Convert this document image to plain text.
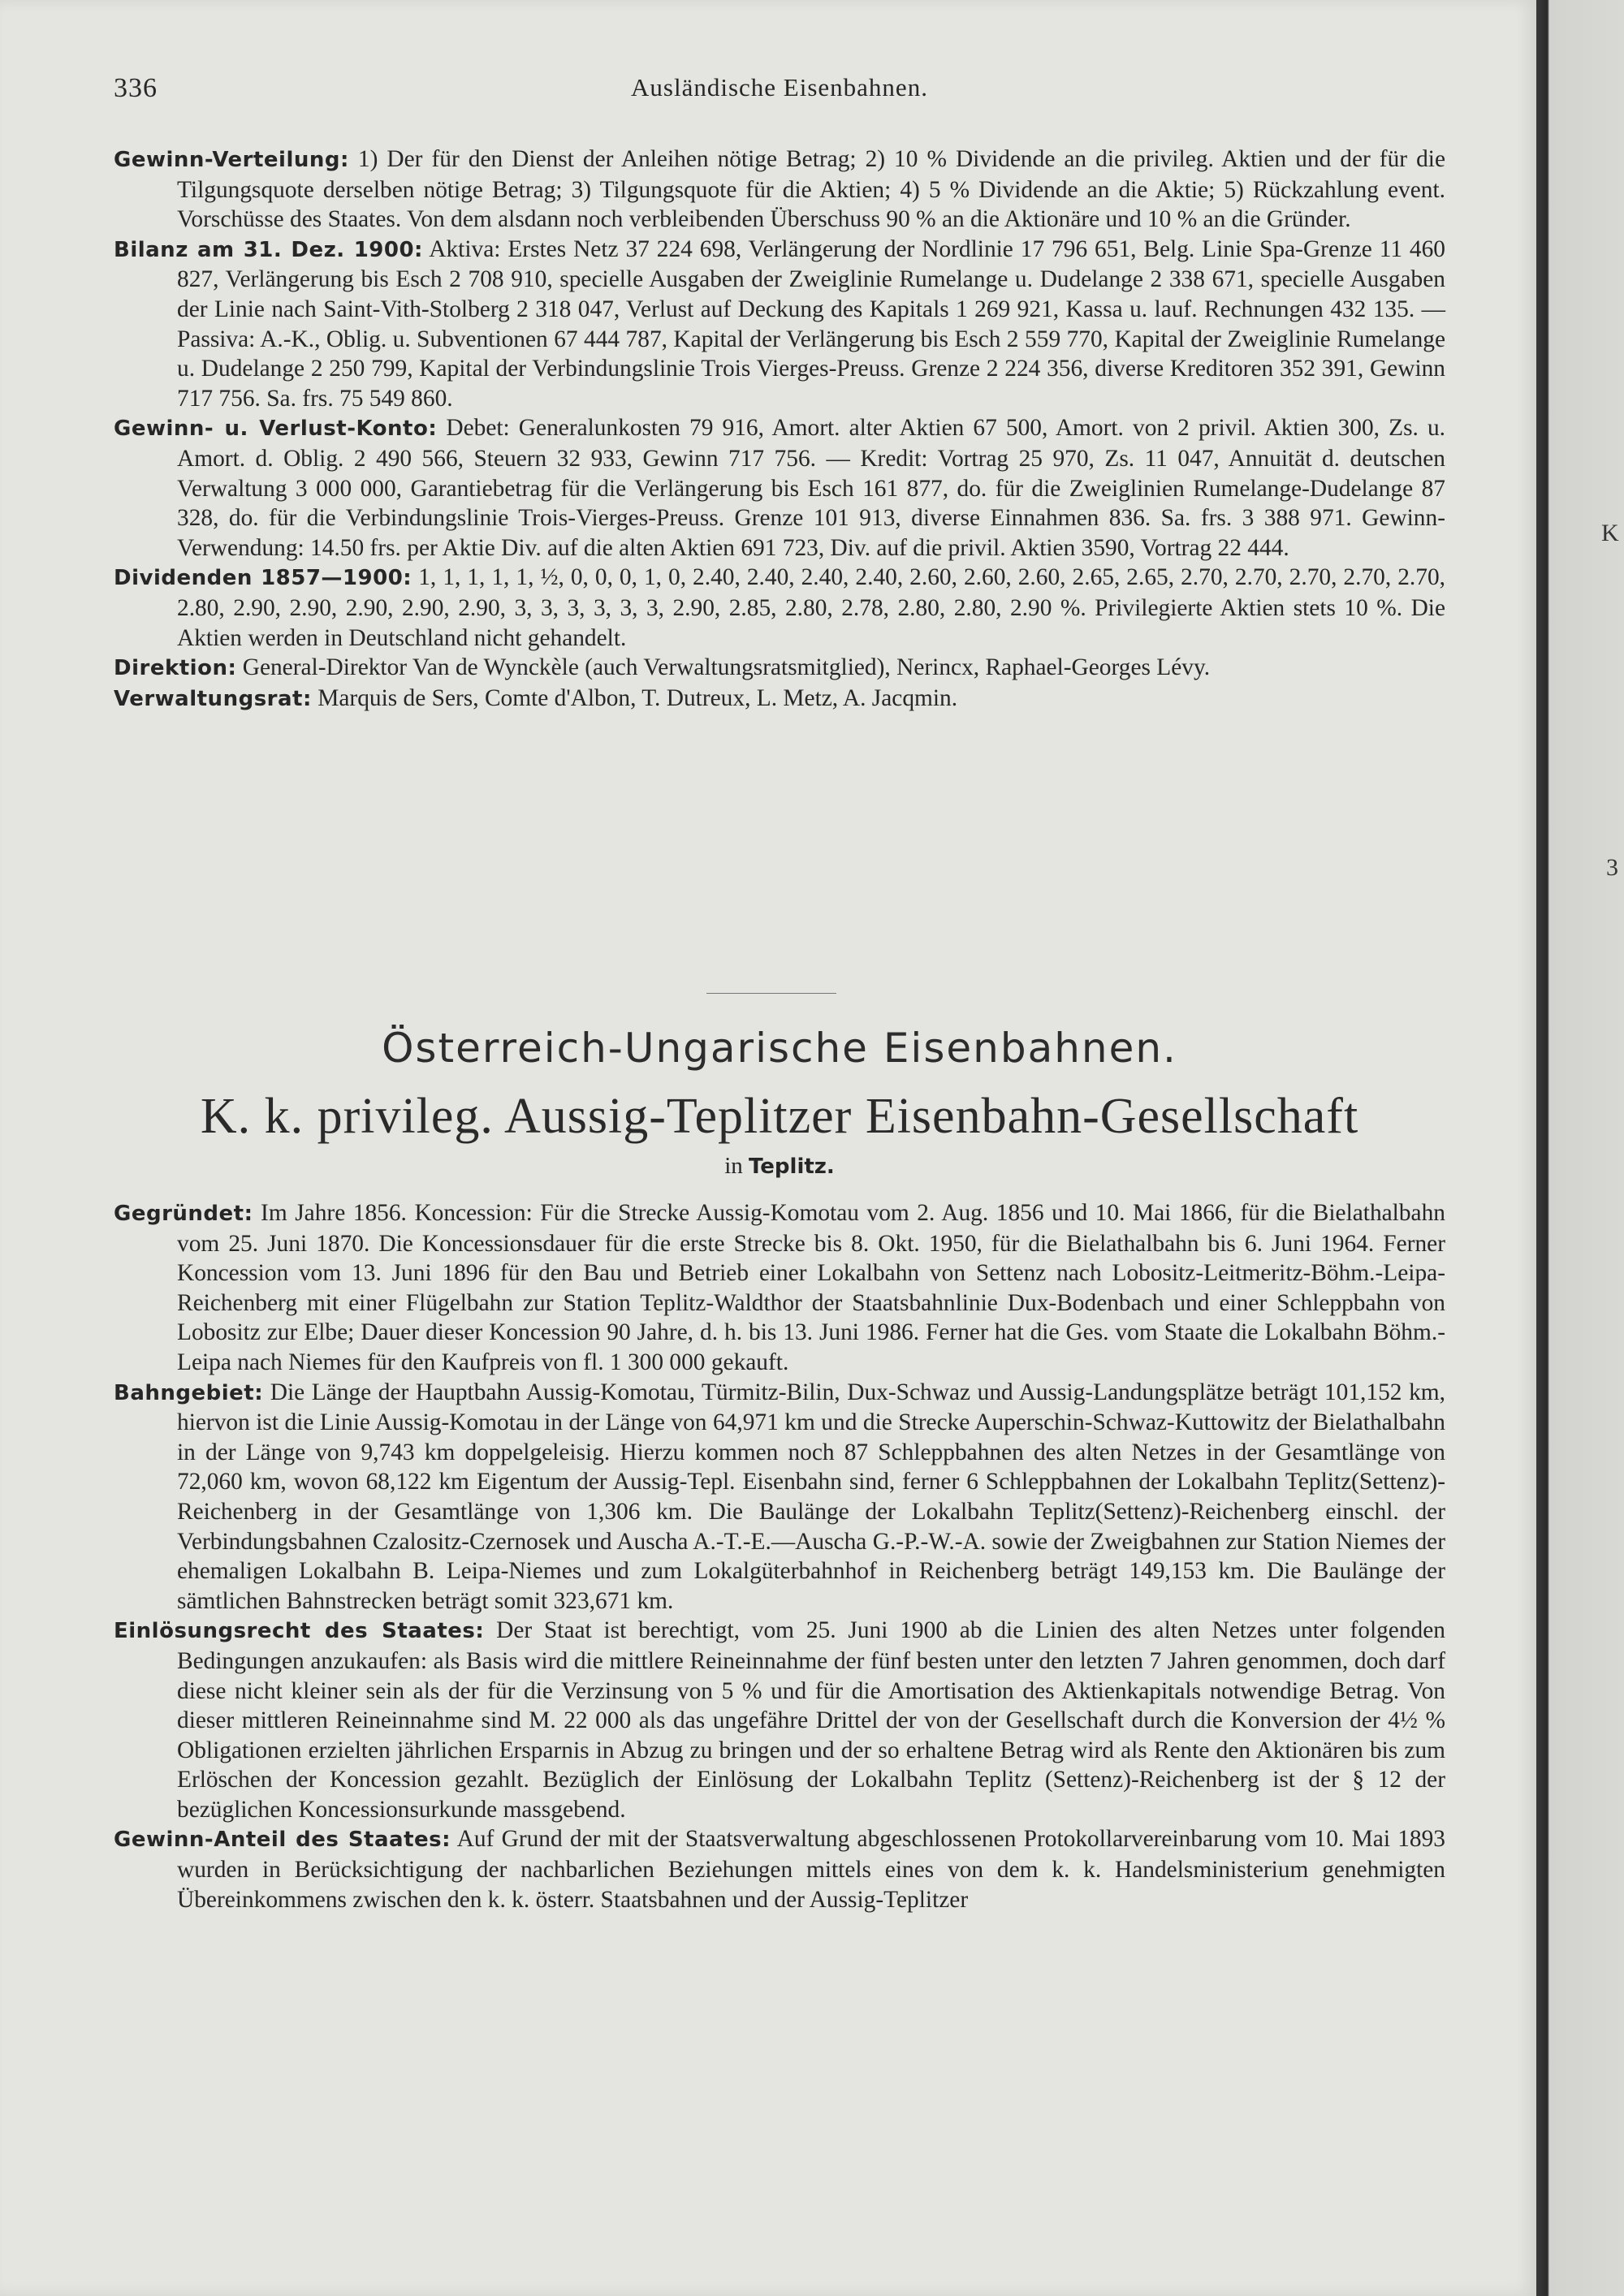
K
3
336	Ausländische Eisenbahnen.

Gewinn-Verteilung: 1) Der für den Dienst der Anleihen nötige Betrag; 2) 10 % Dividende an die privileg. Aktien und der für die Tilgungsquote derselben nötige Betrag; 3) Tilgungsquote für die Aktien; 4) 5 % Dividende an die Aktie; 5) Rückzahlung event. Vorschüsse des Staates. Von dem alsdann noch verbleibenden Überschuss 90 % an die Aktionäre und 10 % an die Gründer.

Bilanz am 31. Dez. 1900: Aktiva: Erstes Netz 37 224 698, Verlängerung der Nordlinie 17 796 651, Belg. Linie Spa-Grenze 11 460 827, Verlängerung bis Esch 2 708 910, specielle Ausgaben der Zweiglinie Rumelange u. Dudelange 2 338 671, specielle Ausgaben der Linie nach Saint-Vith-Stolberg 2 318 047, Verlust auf Deckung des Kapitals 1 269 921, Kassa u. lauf. Rechnungen 432 135. — Passiva: A.-K., Oblig. u. Subventionen 67 444 787, Kapital der Verlängerung bis Esch 2 559 770, Kapital der Zweiglinie Rumelange u. Dudelange 2 250 799, Kapital der Verbindungslinie Trois Vierges-Preuss. Grenze 2 224 356, diverse Kreditoren 352 391, Gewinn 717 756. Sa. frs. 75 549 860.

Gewinn- u. Verlust-Konto: Debet: Generalunkosten 79 916, Amort. alter Aktien 67 500, Amort. von 2 privil. Aktien 300, Zs. u. Amort. d. Oblig. 2 490 566, Steuern 32 933, Gewinn 717 756. — Kredit: Vortrag 25 970, Zs. 11 047, Annuität d. deutschen Verwaltung 3 000 000, Garantiebetrag für die Verlängerung bis Esch 161 877, do. für die Zweiglinien Rumelange-Dudelange 87 328, do. für die Verbindungslinie Trois-Vierges-Preuss. Grenze 101 913, diverse Einnahmen 836. Sa. frs. 3 388 971. Gewinn-Verwendung: 14.50 frs. per Aktie Div. auf die alten Aktien 691 723, Div. auf die privil. Aktien 3590, Vortrag 22 444.

Dividenden 1857—1900: 1, 1, 1, 1, 1, ½, 0, 0, 0, 1, 0, 2.40, 2.40, 2.40, 2.40, 2.60, 2.60, 2.60, 2.65, 2.65, 2.70, 2.70, 2.70, 2.70, 2.70, 2.80, 2.90, 2.90, 2.90, 2.90, 2.90, 3, 3, 3, 3, 3, 3, 2.90, 2.85, 2.80, 2.78, 2.80, 2.80, 2.90 %. Privilegierte Aktien stets 10 %. Die Aktien werden in Deutschland nicht gehandelt.

Direktion: General-Direktor Van de Wynckèle (auch Verwaltungsratsmitglied), Nerincx, Raphael-Georges Lévy.

Verwaltungsrat: Marquis de Sers, Comte d'Albon, T. Dutreux, L. Metz, A. Jacqmin.

Österreich-Ungarische Eisenbahnen.
K. k. privileg. Aussig-Teplitzer Eisenbahn-Gesellschaft
in Teplitz.

Gegründet: Im Jahre 1856. Koncession: Für die Strecke Aussig-Komotau vom 2. Aug. 1856 und 10. Mai 1866, für die Bielathalbahn vom 25. Juni 1870. Die Koncessionsdauer für die erste Strecke bis 8. Okt. 1950, für die Bielathalbahn bis 6. Juni 1964. Ferner Koncession vom 13. Juni 1896 für den Bau und Betrieb einer Lokalbahn von Settenz nach Lobositz-Leitmeritz-Böhm.-Leipa-Reichenberg mit einer Flügelbahn zur Station Teplitz-Waldthor der Staatsbahnlinie Dux-Bodenbach und einer Schleppbahn von Lobositz zur Elbe; Dauer dieser Koncession 90 Jahre, d. h. bis 13. Juni 1986. Ferner hat die Ges. vom Staate die Lokalbahn Böhm.-Leipa nach Niemes für den Kaufpreis von fl. 1 300 000 gekauft.

Bahngebiet: Die Länge der Hauptbahn Aussig-Komotau, Türmitz-Bilin, Dux-Schwaz und Aussig-Landungsplätze beträgt 101,152 km, hiervon ist die Linie Aussig-Komotau in der Länge von 64,971 km und die Strecke Auperschin-Schwaz-Kuttowitz der Bielathalbahn in der Länge von 9,743 km doppelgeleisig. Hierzu kommen noch 87 Schleppbahnen des alten Netzes in der Gesamtlänge von 72,060 km, wovon 68,122 km Eigentum der Aussig-Tepl. Eisenbahn sind, ferner 6 Schleppbahnen der Lokalbahn Teplitz(Settenz)-Reichenberg in der Gesamtlänge von 1,306 km. Die Baulänge der Lokalbahn Teplitz(Settenz)-Reichenberg einschl. der Verbindungsbahnen Czalositz-Czernosek und Auscha A.-T.-E.—Auscha G.-P.-W.-A. sowie der Zweigbahnen zur Station Niemes der ehemaligen Lokalbahn B. Leipa-Niemes und zum Lokalgüterbahnhof in Reichenberg beträgt 149,153 km. Die Baulänge der sämtlichen Bahnstrecken beträgt somit 323,671 km.

Einlösungsrecht des Staates: Der Staat ist berechtigt, vom 25. Juni 1900 ab die Linien des alten Netzes unter folgenden Bedingungen anzukaufen: als Basis wird die mittlere Reineinnahme der fünf besten unter den letzten 7 Jahren genommen, doch darf diese nicht kleiner sein als der für die Verzinsung von 5 % und für die Amortisation des Aktienkapitals notwendige Betrag. Von dieser mittleren Reineinnahme sind M. 22 000 als das ungefähre Drittel der von der Gesellschaft durch die Konversion der 4½ % Obligationen erzielten jährlichen Ersparnis in Abzug zu bringen und der so erhaltene Betrag wird als Rente den Aktionären bis zum Erlöschen der Koncession gezahlt. Bezüglich der Einlösung der Lokalbahn Teplitz (Settenz)-Reichenberg ist der § 12 der bezüglichen Koncessionsurkunde massgebend.

Gewinn-Anteil des Staates: Auf Grund der mit der Staatsverwaltung abgeschlossenen Protokollarvereinbarung vom 10. Mai 1893 wurden in Berücksichtigung der nachbarlichen Beziehungen mittels eines von dem k. k. Handelsministerium genehmigten Übereinkommens zwischen den k. k. österr. Staatsbahnen und der Aussig-Teplitzer
